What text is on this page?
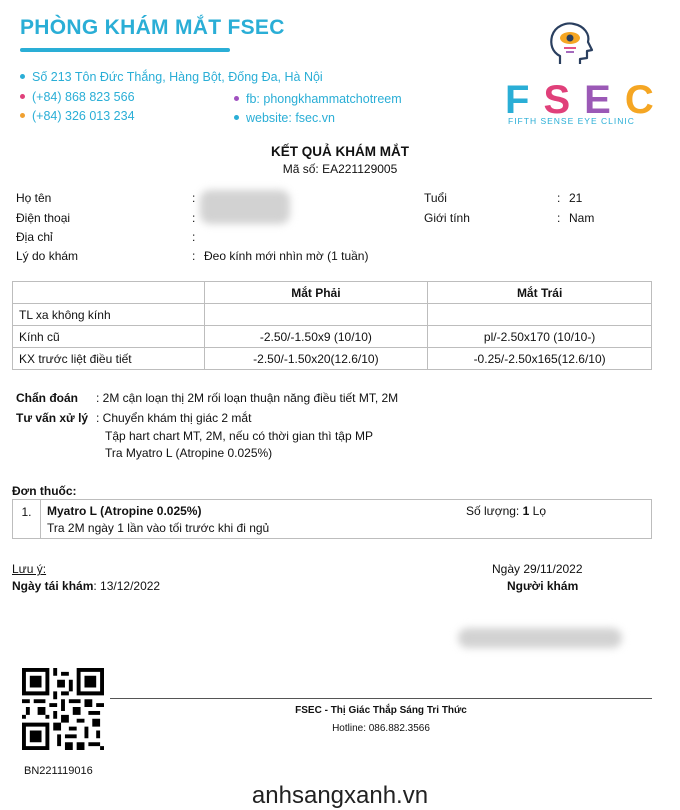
PHÒNG KHÁM MẮT FSEC
Số 213 Tôn Đức Thắng, Hàng Bột, Đống Đa, Hà Nội
(+84) 868 823 566
(+84) 326 013 234
fb: phongkhammatchotreem
website: fsec.vn	FSEC
FIFTH SENSE EYE CLINIC
KẾT QUẢ KHÁM MẮT
Mã số: EA221129005
Họ tên	:
Điện thoại	:
Địa chỉ	:
Lý do khám	: Đeo kính mới nhìn mờ (1 tuần)
Tuổi	: 21
Giới tính	: Nam
	Mắt Phải	Mắt Trái
TL xa không kính		
Kính cũ	-2.50/-1.50x9 (10/10)	pl/-2.50x170 (10/10-)
KX trước liệt điều tiết	-2.50/-1.50x20(12.6/10)	-0.25/-2.50x165(12.6/10)
Chẩn đoán : 2M cận loạn thị 2M rối loạn thuận năng điều tiết MT, 2M
Tư vấn xử lý : Chuyển khám thị giác 2 mắt
Tập hart chart MT, 2M, nếu có thời gian thì tập MP
Tra Myatro L (Atropine 0.025%)
Đơn thuốc:
1.	Myatro L (Atropine 0.025%)
Tra 2M ngày 1 lần vào tối trước khi đi ngủ
Số lượng: 1 Lọ
Lưu ý:
Ngày tái khám: 13/12/2022
Ngày 29/11/2022
Người khám
FSEC - Thị Giác Thắp Sáng Tri Thức
Hotline: 086.882.3566
BN221119016
anhsangxanh.vn
